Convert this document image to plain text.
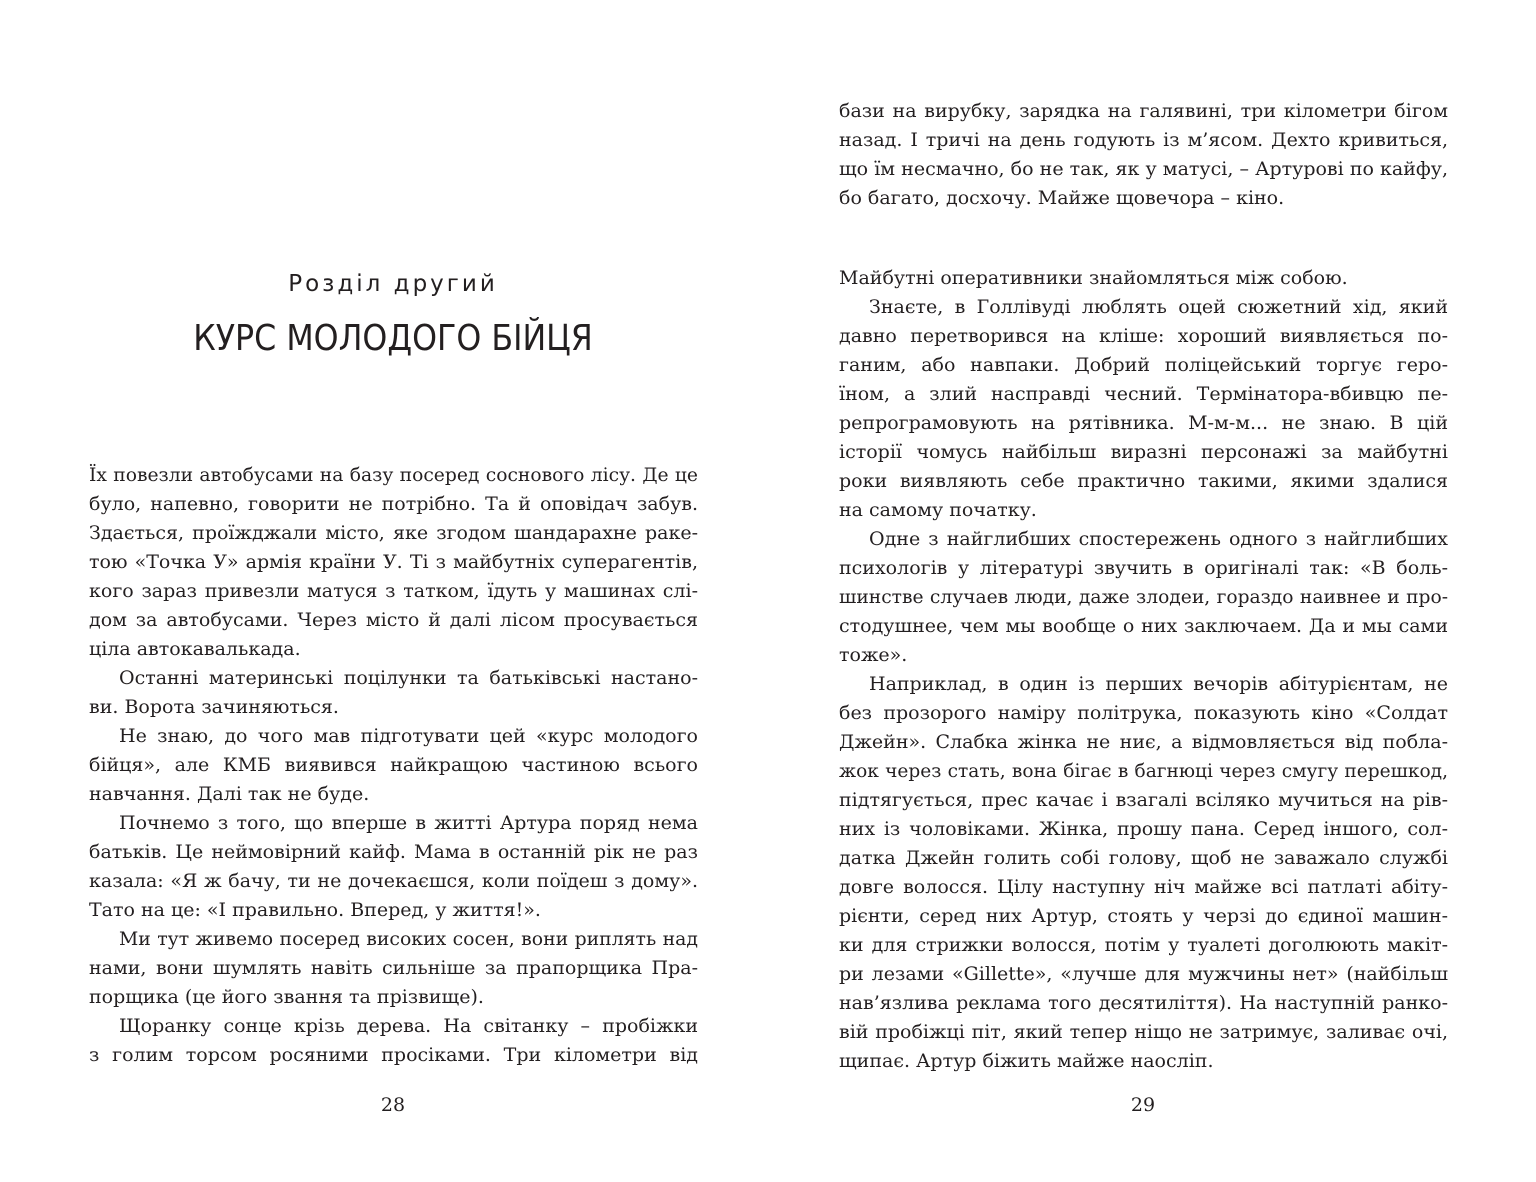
Розділ другий
КУРС МОЛОДОГО БІЙЦЯ
Їх повезли автобусами на базу посеред соснового лісу. Де це
було, напевно, говорити не потрібно. Та й оповідач забув.
Здається, проїжджали місто, яке згодом шандарахне раке-
тою «Точка У» армія країни У. Ті з майбутніх суперагентів,
кого зараз привезли матуся з татком, їдуть у машинах слі-
дом за автобусами. Через місто й далі лісом просувається
ціла автокавалькада.
Останні материнські поцілунки та батьківські настано-
ви. Ворота зачиняються.
Не знаю, до чого мав підготувати цей «курс молодого
бійця», але КМБ виявився найкращою частиною всього
навчання. Далі так не буде.
Почнемо з того, що вперше в житті Артура поряд нема
батьків. Це неймовірний кайф. Мама в останній рік не раз
казала: «Я ж бачу, ти не дочекаєшся, коли поїдеш з дому».
Тато на це: «І правильно. Вперед, у життя!».
Ми тут живемо посеред високих сосен, вони риплять над
нами, вони шумлять навіть сильніше за прапорщика Пра-
порщика (це його звання та прізвище).
Щоранку сонце крізь дерева. На світанку – пробіжки
з голим торсом росяними просіками. Три кілометри від
28
бази на вирубку, зарядка на галявині, три кілометри бігом
назад. І тричі на день годують із м’ясом. Дехто кривиться,
що їм несмачно, бо не так, як у матусі, – Артурові по кайфу,
бо багато, досхочу. Майже щовечора – кіно.
Майбутні оперативники знайомляться між собою.
Знаєте, в Голлівуді люблять оцей сюжетний хід, який
давно перетворився на кліше: хороший виявляється по-
ганим, або навпаки. Добрий поліцейський торгує геро-
їном, а злий насправді чесний. Термінатора-вбивцю пе-
репрограмовують на рятівника. М-м-м... не знаю. В цій
історії чомусь найбільш виразні персонажі за майбутні
роки виявляють себе практично такими, якими здалися
на самому початку.
Одне з найглибших спостережень одного з найглибших
психологів у літературі звучить в оригіналі так: «В боль-
шинстве случаев люди, даже злодеи, гораздо наивнее и про-
стодушнее, чем мы вообще о них заключаем. Да и мы сами
тоже».
Наприклад, в один із перших вечорів абітурієнтам, не
без прозорого наміру політрука, показують кіно «Солдат
Джейн». Слабка жінка не ниє, а відмовляється від побла-
жок через стать, вона бігає в багнюці через смугу перешкод,
підтягується, прес качає і взагалі всіляко мучиться на рів-
них із чоловіками. Жінка, прошу пана. Серед іншого, сол-
датка Джейн голить собі голову, щоб не заважало службі
довге волосся. Цілу наступну ніч майже всі патлаті абіту-
рієнти, серед них Артур, стоять у черзі до єдиної машин-
ки для стрижки волосся, потім у туалеті доголюють макіт-
ри лезами «Gillette», «лучше для мужчины нет» (найбільш
нав’язлива реклама того десятиліття). На наступній ранко-
вій пробіжці піт, який тепер ніщо не затримує, заливає очі,
щипає. Артур біжить майже наосліп.
29
